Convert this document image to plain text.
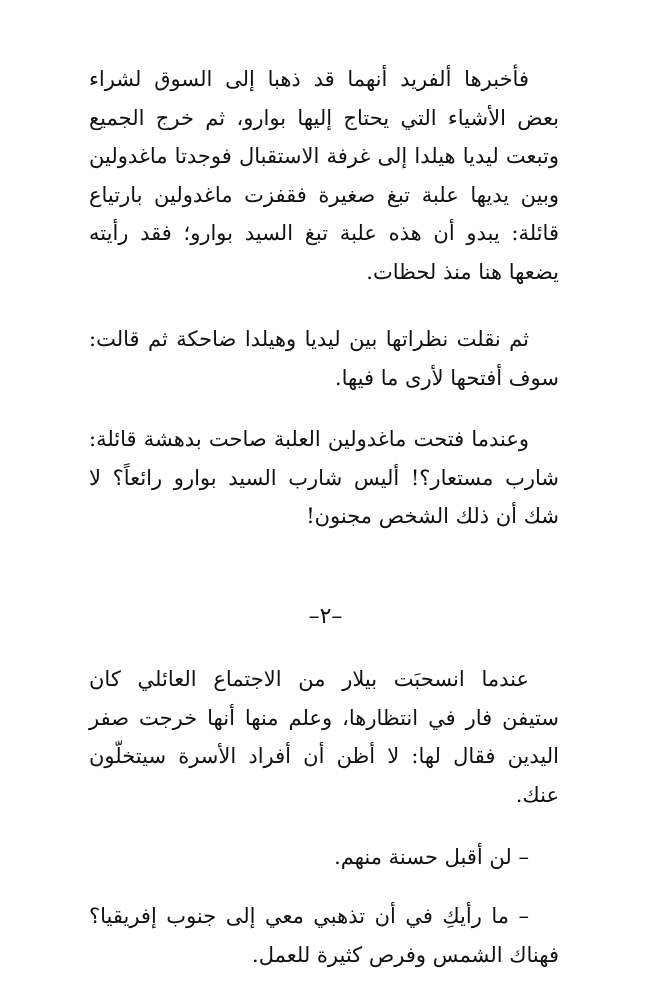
فأخبرها ألفريد أنهما قد ذهبا إلى السوق لشراء بعض الأشياء التي يحتاج إليها بوارو، ثم خرج الجميع وتبعت ليديا هيلدا إلى غرفة الاستقبال فوجدتا ماغدولين وبين يديها علبة تبغ صغيرة فقفزت ماغدولين بارتياع قائلة: يبدو أن هذه علبة تبغ السيد بوارو؛ فقد رأيته يضعها هنا منذ لحظات.

ثم نقلت نظراتها بين ليديا وهيلدا ضاحكة ثم قالت: سوف أفتحها لأرى ما فيها.

وعندما فتحت ماغدولين العلبة صاحت بدهشة قائلة: شارب مستعار؟! أليس شارب السيد بوارو رائعاً؟ لا شك أن ذلك الشخص مجنون!

–٢–

عندما انسحبَت بيلار من الاجتماع العائلي كان ستيفن فار في انتظارها، وعلم منها أنها خرجت صفر اليدين فقال لها: لا أظن أن أفراد الأسرة سيتخلّون عنك.

– لن أقبل حسنة منهم.

– ما رأيكِ في أن تذهبي معي إلى جنوب إفريقيا؟ فهناك الشمس وفرص كثيرة للعمل.
